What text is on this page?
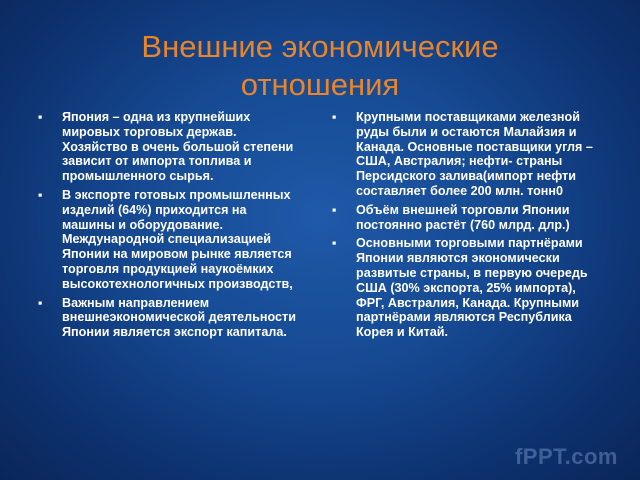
Внешние экономические
отношения
▪	Япония – одна из крупнейших мировых торговых держав. Хозяйство в очень большой степени зависит от импорта топлива и промышленного сырья.
▪	В экспорте готовых промышленных изделий (64%) приходится на машины и оборудование. Международной специализацией Японии на мировом рынке является торговля продукцией наукоёмких высокотехнологичных производств,
▪	Важным направлением внешнеэкономической деятельности Японии является экспорт капитала.
▪	Крупными поставщиками железной руды были и остаются Малайзия и Канада. Основные поставщики угля – США, Австралия; нефти- страны Персидского залива(импорт нефти составляет более 200 млн. тонн0
▪	Объём внешней торговли Японии постоянно растёт (760 млрд. длр.)
▪	Основными торговыми партнёрами Японии являются экономически развитые страны, в первую очередь США (30% экспорта, 25% импорта), ФРГ, Австралия, Канада. Крупными партнёрами являются Республика Корея и Китай.
fPPT.com
